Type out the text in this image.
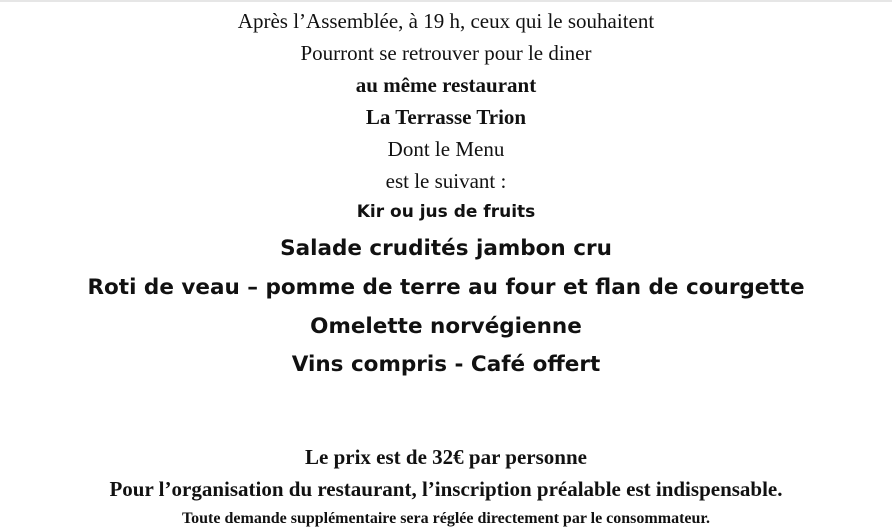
Après l’Assemblée, à 19 h, ceux qui le souhaitent
Pourront se retrouver pour le diner
au même restaurant
La Terrasse Trion
Dont le Menu
est le suivant :
Kir ou jus de fruits
Salade crudités jambon cru
Roti de veau – pomme de terre au four et flan de courgette
Omelette norvégienne
Vins compris - Café offert
Le prix est de 32€ par personne
Pour l’organisation du restaurant, l’inscription préalable est indispensable.
Toute demande supplémentaire sera réglée directement par le consommateur.
